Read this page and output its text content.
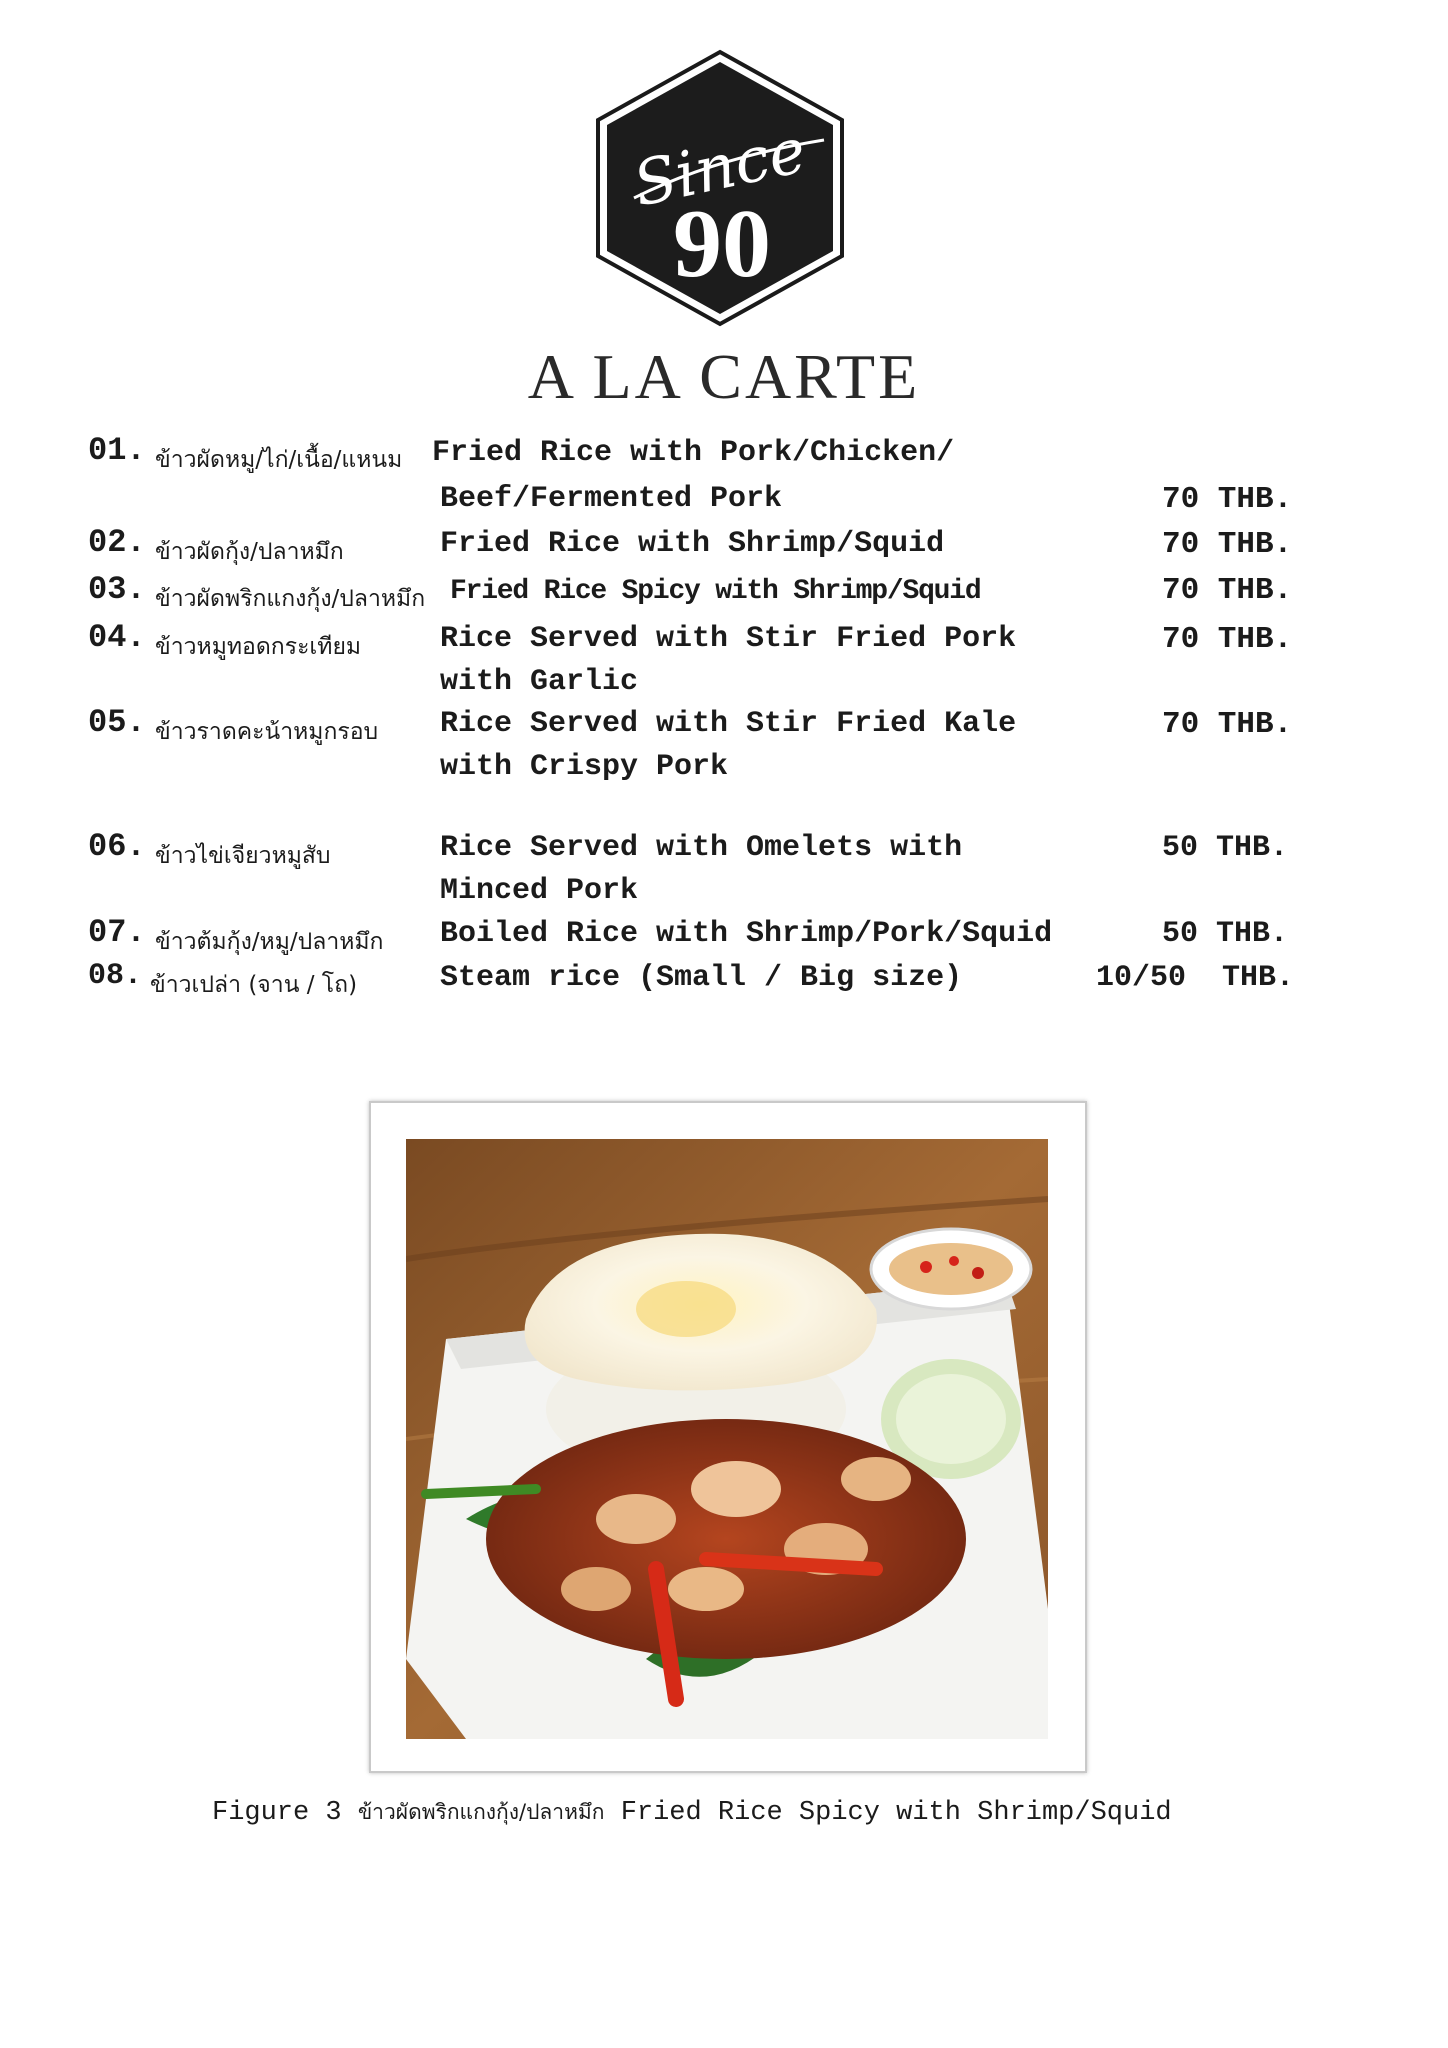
Since
90
A LA CARTE
01. ข้าวผัดหมู/ไก่/เนื้อ/แหนม Fried Rice with Pork/Chicken/
Beef/Fermented Pork	70 THB.
02. ข้าวผัดกุ้ง/ปลาหมึก	Fried Rice with Shrimp/Squid	70 THB.
03. ข้าวผัดพริกแกงกุ้ง/ปลาหมึก Fried Rice Spicy with Shrimp/Squid	70 THB.
04. ข้าวหมูทอดกระเทียม	Rice Served with Stir Fried Pork
with Garlic
70 THB.
05. ข้าวราดคะน้าหมูกรอบ Rice Served with Stir Fried Kale
with Crispy Pork
70 THB.
06. ข้าวไข่เจียวหมูสับ	Rice Served with Omelets with
Minced Pork
50 THB.
07. ข้าวต้มกุ้ง/หมู/ปลาหมึก Boiled Rice with Shrimp/Pork/Squid	50 THB.
08. ข้าวเปล่า (จาน / โถ)	Steam rice (Small / Big size)	10/50  THB.
Figure 3 ข้าวผัดพริกแกงกุ้ง/ปลาหมึก Fried Rice Spicy with Shrimp/Squid
